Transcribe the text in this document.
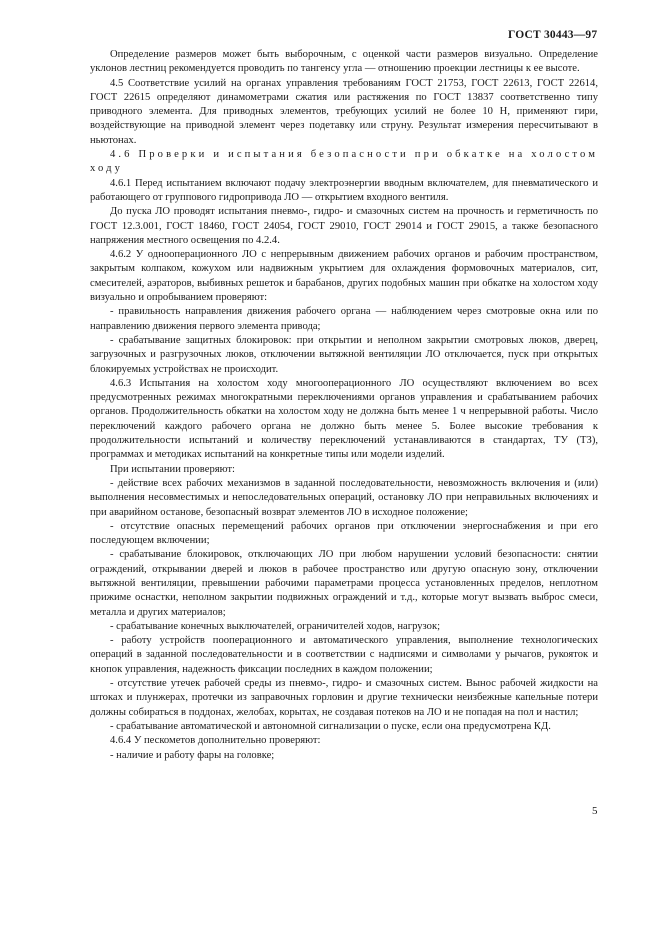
ГОСТ 30443—97

Определение размеров может быть выборочным, с оценкой части размеров визуально. Определение уклонов лестниц рекомендуется проводить по тангенсу угла — отношению проекции лестницы к ее высоте.

4.5 Соответствие усилий на органах управления требованиям ГОСТ 21753, ГОСТ 22613, ГОСТ 22614, ГОСТ 22615 определяют динамометрами сжатия или растяжения по ГОСТ 13837 соответственно типу приводного элемента. Для приводных элементов, требующих усилий не более 10 Н, применяют гири, воздействующие на приводной элемент через подетавку или струну. Результат измерения пересчитывают в ньютонах.

4.6 Проверки и испытания безопасности при обкатке на холостом ходу

4.6.1 Перед испытанием включают подачу электроэнергии вводным включателем, для пневматического и работающего от группового гидропривода ЛО — открытием входного вентиля.

До пуска ЛО проводят испытания пневмо-, гидро- и смазочных систем на прочность и герметичность по ГОСТ 12.3.001, ГОСТ 18460, ГОСТ 24054, ГОСТ 29010, ГОСТ 29014 и ГОСТ 29015, а также безопасного напряжения местного освещения по 4.2.4.

4.6.2 У однооперационного ЛО с непрерывным движением рабочих органов и рабочим пространством, закрытым колпаком, кожухом или надвижным укрытием для охлаждения формовочных материалов, сит, смесителей, аэраторов, выбивных решеток и барабанов, других подобных машин при обкатке на холостом ходу визуально и опробыванием проверяют:

- правильность направления движения рабочего органа — наблюдением через смотровые окна или по направлению движения первого элемента привода;

- срабатывание защитных блокировок: при открытии и неполном закрытии смотровых люков, дверец, загрузочных и разгрузочных люков, отключении вытяжной вентиляции ЛО отключается, пуск при открытых блокируемых устройствах не происходит.

4.6.3 Испытания на холостом ходу многооперационного ЛО осуществляют включением во всех предусмотренных режимах многократными переключениями органов управления и срабатыванием рабочих органов. Продолжительность обкатки на холостом ходу не должна быть менее 1 ч непрерывной работы. Число переключений каждого рабочего органа не должно быть менее 5. Более высокие требования к продолжительности испытаний и количеству переключений устанавливаются в стандартах, ТУ (ТЗ), программах и методиках испытаний на конкретные типы или модели изделий.

При испытании проверяют:

- действие всех рабочих механизмов в заданной последовательности, невозможность включения и (или) выполнения несовместимых и непоследовательных операций, остановку ЛО при неправильных включениях и при аварийном останове, безопасный возврат элементов ЛО в исходное положение;

- отсутствие опасных перемещений рабочих органов при отключении энергоснабжения и при его последующем включении;

- срабатывание блокировок, отключающих ЛО при любом нарушении условий безопасности: снятии ограждений, открывании дверей и люков в рабочее пространство или другую опасную зону, отключении вытяжной вентиляции, превышении рабочими параметрами процесса установленных пределов, неплотном прижиме оснастки, неполном закрытии подвижных ограждений и т.д., которые могут вызвать выброс смеси, металла и других материалов;

- срабатывание конечных выключателей, ограничителей ходов, нагрузок;

- работу устройств пооперационного и автоматического управления, выполнение технологических операций в заданной последовательности и в соответствии с надписями и символами у рычагов, рукояток и кнопок управления, надежность фиксации последних в каждом положении;

- отсутствие утечек рабочей среды из пневмо-, гидро- и смазочных систем. Вынос рабочей жидкости на штоках и плунжерах, протечки из заправочных горловин и другие технически неизбежные капельные потери должны собираться в поддонах, желобах, корытах, не создавая потеков на ЛО и не попадая на пол и настил;

- срабатывание автоматической и автономной сигнализации о пуске, если она предусмотрена КД.

4.6.4 У пескометов дополнительно проверяют:

- наличие и работу фары на головке;

5
